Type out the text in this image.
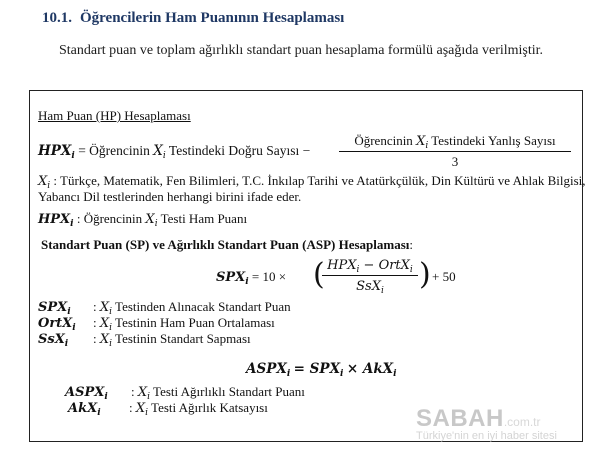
10.1. Öğrencilerin Ham Puanının Hesaplaması
Standart puan ve toplam ağırlıklı standart puan hesaplama formülü aşağıda verilmiştir.
Ham Puan (HP) Hesaplaması
$HPX_i$ = Öğrencinin $X_i$ Testindeki Doğru Sayısı −
Öğrencinin $X_i$ Testindeki Yanlış Sayısı
3
$X_i$ : Türkçe, Matematik, Fen Bilimleri, T.C. İnkılap Tarihi ve Atatürkçülük, Din Kültürü ve Ahlak Bilgisi,
Yabancı Dil testlerinden herhangi birini ifade eder.
$HPX_i$ : Öğrencinin $X_i$ Testi Ham Puanı
Standart Puan (SP) ve Ağırlıklı Standart Puan (ASP) Hesaplaması:
$SPX_i = 10$ × ( $HPX_i$ − OrtX$_i$
SsX$_i$	) + 50
$SPX_i$ : $X_i$ Testinden Alınacak Standart Puan
OrtX$_i$ : $X_i$ Testinin Ham Puan Ortalaması
SsX$_i$ : $X_i$ Testinin Standart Sapması
$ASPX_i = SPX_i \times AkX_i$
$ASPX_i$ : $X_i$ Testi Ağırlıklı Standart Puanı
AkX$_i$ : $X_i$ Testi Ağırlık Katsayısı	SABAH.com.tr
Türkiye'nin en iyi haber sitesi
